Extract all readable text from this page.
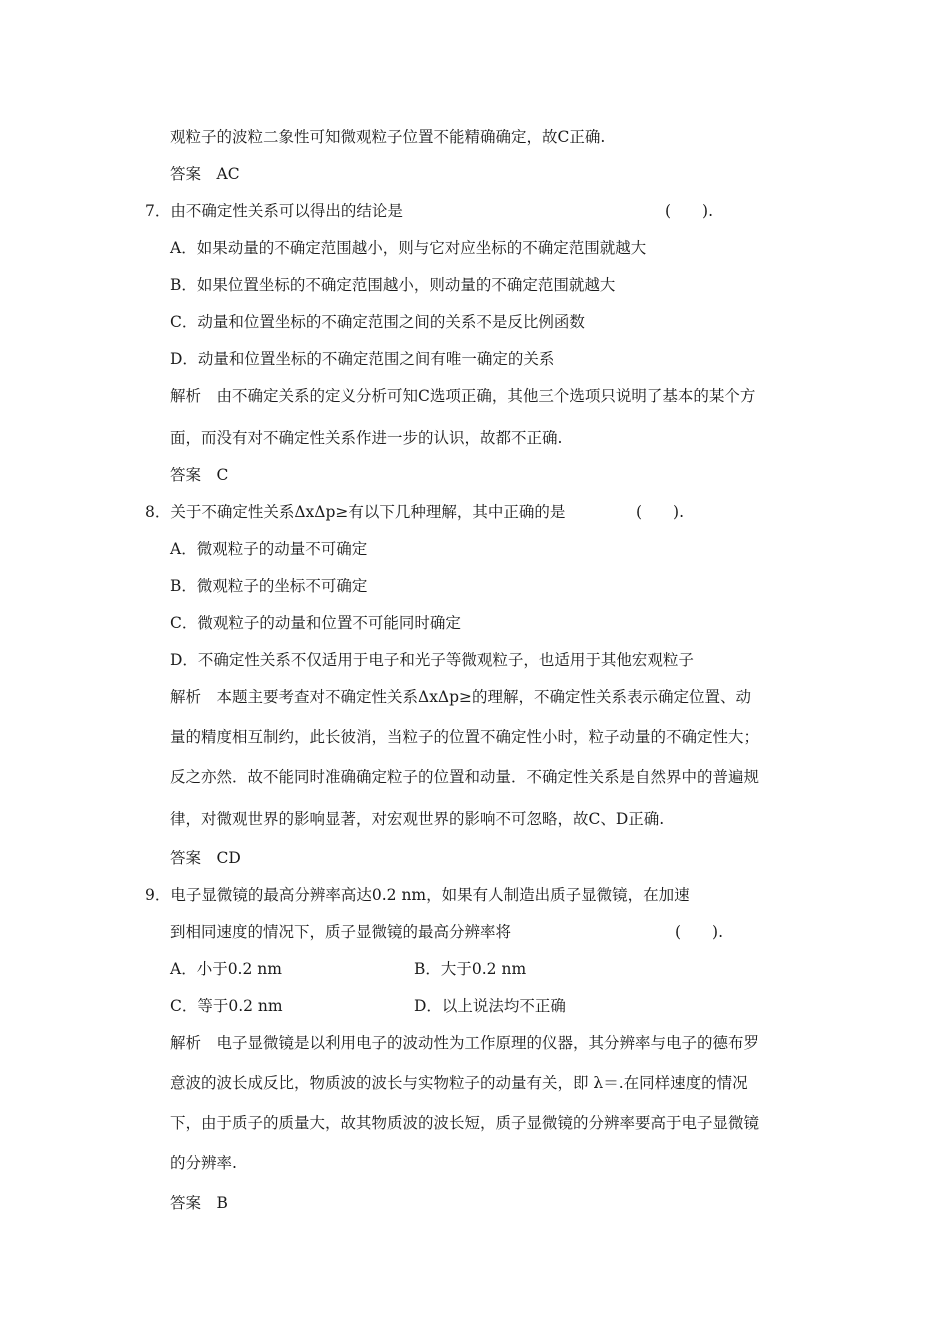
观粒子的波粒二象性可知微观粒子位置不能精确确定，故C正确.
答案　AC
7．由不确定性关系可以得出的结论是	(　　).
A．如果动量的不确定范围越小，则与它对应坐标的不确定范围就越大
B．如果位置坐标的不确定范围越小，则动量的不确定范围就越大
C．动量和位置坐标的不确定范围之间的关系不是反比例函数
D．动量和位置坐标的不确定范围之间有唯一确定的关系
解析　由不确定关系的定义分析可知C选项正确，其他三个选项只说明了基本的某个方
面，而没有对不确定性关系作进一步的认识，故都不正确.
答案　C
8．关于不确定性关系ΔxΔp≥有以下几种理解，其中正确的是	(　　).
A．微观粒子的动量不可确定
B．微观粒子的坐标不可确定
C．微观粒子的动量和位置不可能同时确定
D．不确定性关系不仅适用于电子和光子等微观粒子，也适用于其他宏观粒子
解析　本题主要考查对不确定性关系ΔxΔp≥的理解，不确定性关系表示确定位置、动
量的精度相互制约，此长彼消，当粒子的位置不确定性小时，粒子动量的不确定性大；
反之亦然．故不能同时准确确定粒子的位置和动量．不确定性关系是自然界中的普遍规
律，对微观世界的影响显著，对宏观世界的影响不可忽略，故C、D正确.
答案　CD
9．电子显微镜的最高分辨率高达0.2 nm，如果有人制造出质子显微镜，在加速
到相同速度的情况下，质子显微镜的最高分辨率将	(　　).
A．小于0.2 nm	B．大于0.2 nm
C．等于0.2 nm	D．以上说法均不正确
解析　电子显微镜是以利用电子的波动性为工作原理的仪器，其分辨率与电子的德布罗
意波的波长成反比，物质波的波长与实物粒子的动量有关，即 λ＝.在同样速度的情况
下，由于质子的质量大，故其物质波的波长短，质子显微镜的分辨率要高于电子显微镜
的分辨率.
答案　B
